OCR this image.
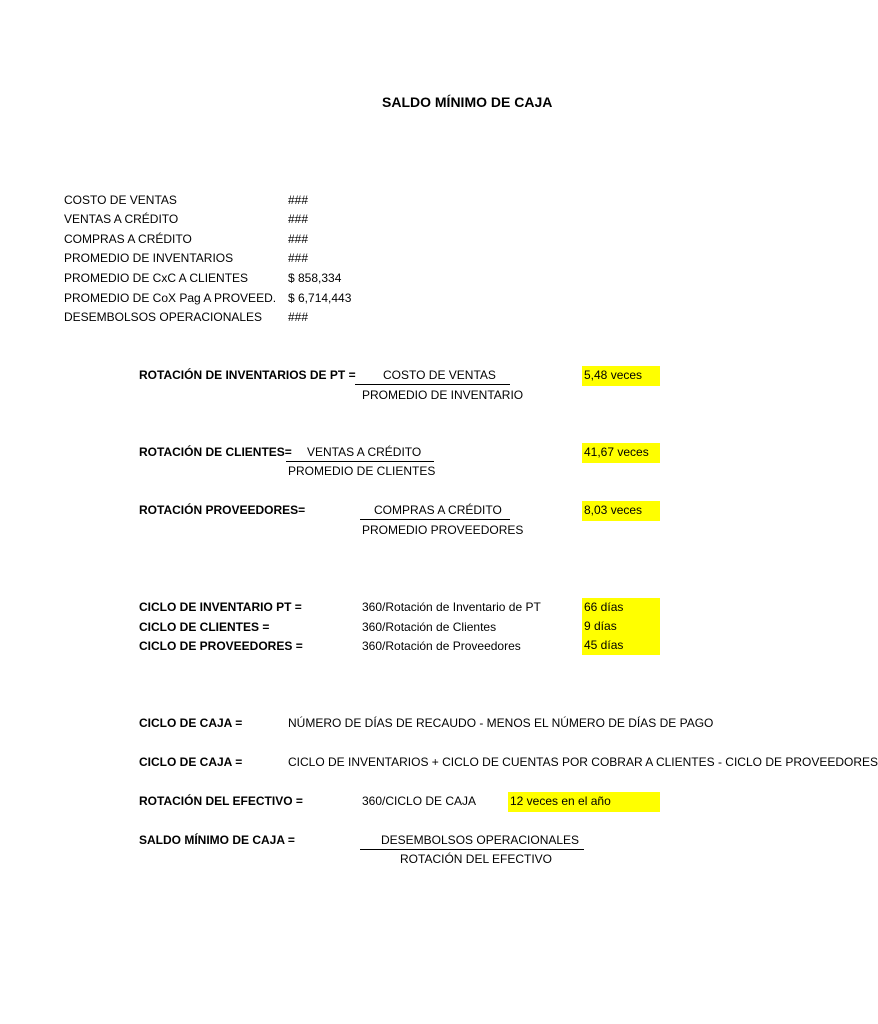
SALDO MÍNIMO DE CAJA
COSTO DE VENTAS	###
VENTAS A CRÉDITO	###
COMPRAS A CRÉDITO	###
PROMEDIO DE INVENTARIOS	###
PROMEDIO DE CxC A CLIENTES	$ 858,334
PROMEDIO DE CoX Pag A PROVEED. $ 6,714,443
DESEMBOLSOS OPERACIONALES ###
ROTACIÓN DE INVENTARIOS DE PT = COSTO DE VENTAS
PROMEDIO DE INVENTARIO
5,48 veces
ROTACIÓN DE CLIENTES= VENTAS A CRÉDITO
PROMEDIO DE CLIENTES
41,67 veces
ROTACIÓN PROVEEDORES=	COMPRAS A CRÉDITO
PROMEDIO PROVEEDORES
8,03 veces
CICLO DE INVENTARIO PT =	360/Rotación de Inventario de PT	66 días
CICLO DE CLIENTES =	360/Rotación de Clientes	9 días
CICLO DE PROVEEDORES =	360/Rotación de Proveedores	45 días
CICLO DE CAJA =	NÚMERO DE DÍAS DE RECAUDO - MENOS EL NÚMERO DE DÍAS DE PAGO
CICLO DE CAJA =	CICLO DE INVENTARIOS + CICLO DE CUENTAS POR COBRAR A CLIENTES - CICLO DE PROVEEDORES
ROTACIÓN DEL EFECTIVO =	360/CICLO DE CAJA	12 veces en el año
SALDO MÍNIMO DE CAJA =	DESEMBOLSOS OPERACIONALES
ROTACIÓN DEL EFECTIVO
